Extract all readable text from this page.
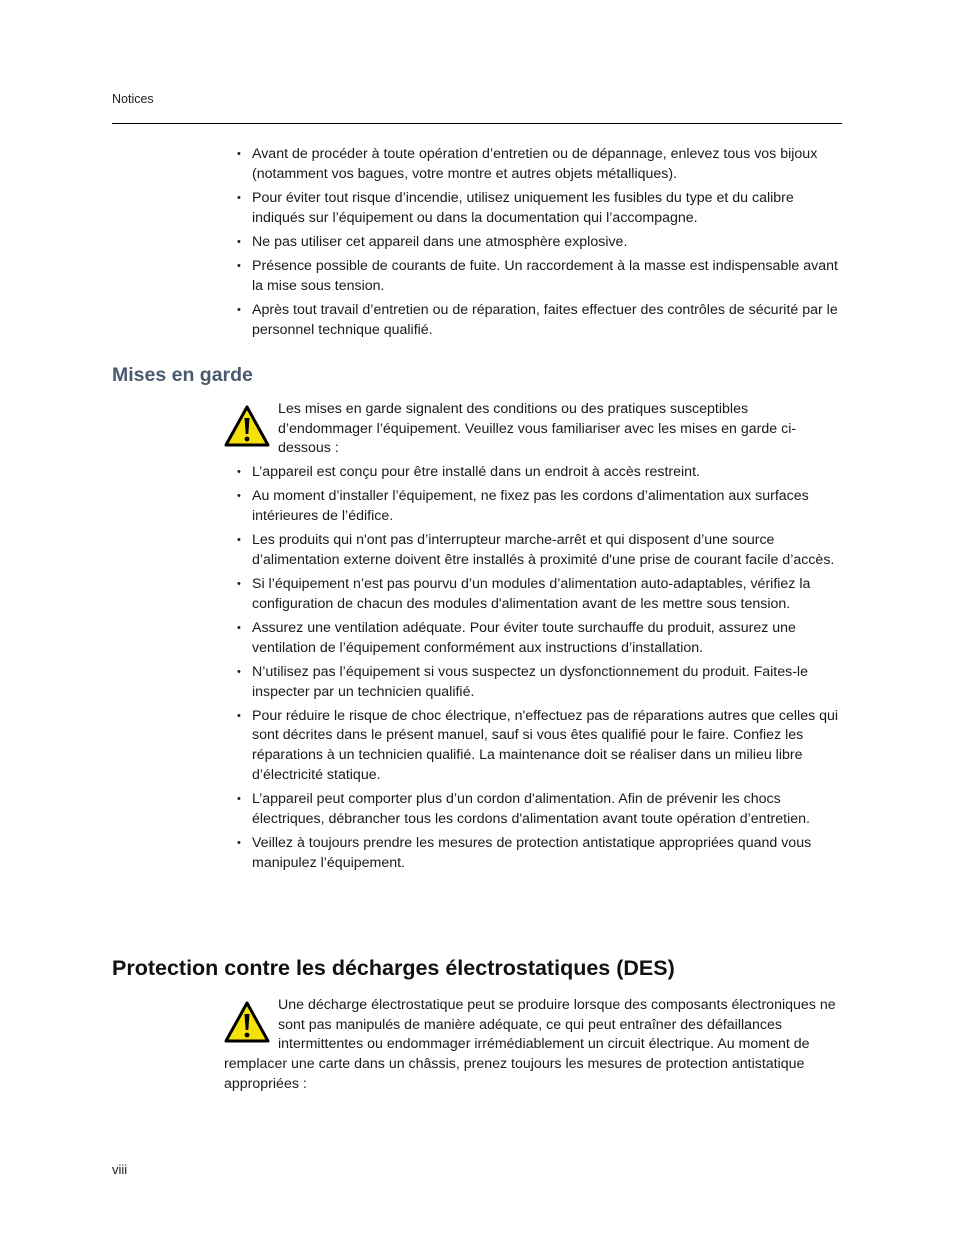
Notices
• Avant de procéder à toute opération d’entretien ou de dépannage, enlevez tous vos bijoux (notamment vos bagues, votre montre et autres objets métalliques).
• Pour éviter tout risque d’incendie, utilisez uniquement les fusibles du type et du calibre indiqués sur l’équipement ou dans la documentation qui l’accompagne.
• Ne pas utiliser cet appareil dans une atmosphère explosive.
• Présence possible de courants de fuite. Un raccordement à la masse est indispensable avant la mise sous tension.
• Après tout travail d’entretien ou de réparation, faites effectuer des contrôles de sécurité par le personnel technique qualifié.
Mises en garde
Les mises en garde signalent des conditions ou des pratiques susceptibles d’endommager l’équipement. Veuillez vous familiariser avec les mises en garde ci-dessous :
• L’appareil est conçu pour être installé dans un endroit à accès restreint.
• Au moment d’installer l’équipement, ne fixez pas les cordons d’alimentation aux surfaces intérieures de l’édifice.
• Les produits qui n'ont pas d’interrupteur marche-arrêt et qui disposent d’une source d’alimentation externe doivent être installés à proximité d'une prise de courant facile d’accès.
• Si l’équipement n’est pas pourvu d’un modules d’alimentation auto-adaptables, vérifiez la configuration de chacun des modules d'alimentation avant de les mettre sous tension.
• Assurez une ventilation adéquate. Pour éviter toute surchauffe du produit, assurez une ventilation de l’équipement conformément aux instructions d’installation.
• N’utilisez pas l’équipement si vous suspectez un dysfonctionnement du produit. Faites-le inspecter par un technicien qualifié.
• Pour réduire le risque de choc électrique, n'effectuez pas de réparations autres que celles qui sont décrites dans le présent manuel, sauf si vous êtes qualifié pour le faire. Confiez les réparations à un technicien qualifié. La maintenance doit se réaliser dans un milieu libre d’électricité statique.
• L’appareil peut comporter plus d’un cordon d'alimentation. Afin de prévenir les chocs électriques, débrancher tous les cordons d'alimentation avant toute opération d’entretien.
• Veillez à toujours prendre les mesures de protection antistatique appropriées quand vous manipulez l’équipement.
Protection contre les décharges électrostatiques (DES)
Une décharge électrostatique peut se produire lorsque des composants électroniques ne sont pas manipulés de manière adéquate, ce qui peut entraîner des défaillances intermittentes ou endommager irrémédiablement un circuit électrique. Au moment de remplacer une carte dans un châssis, prenez toujours les mesures de protection antistatique appropriées :
viii
